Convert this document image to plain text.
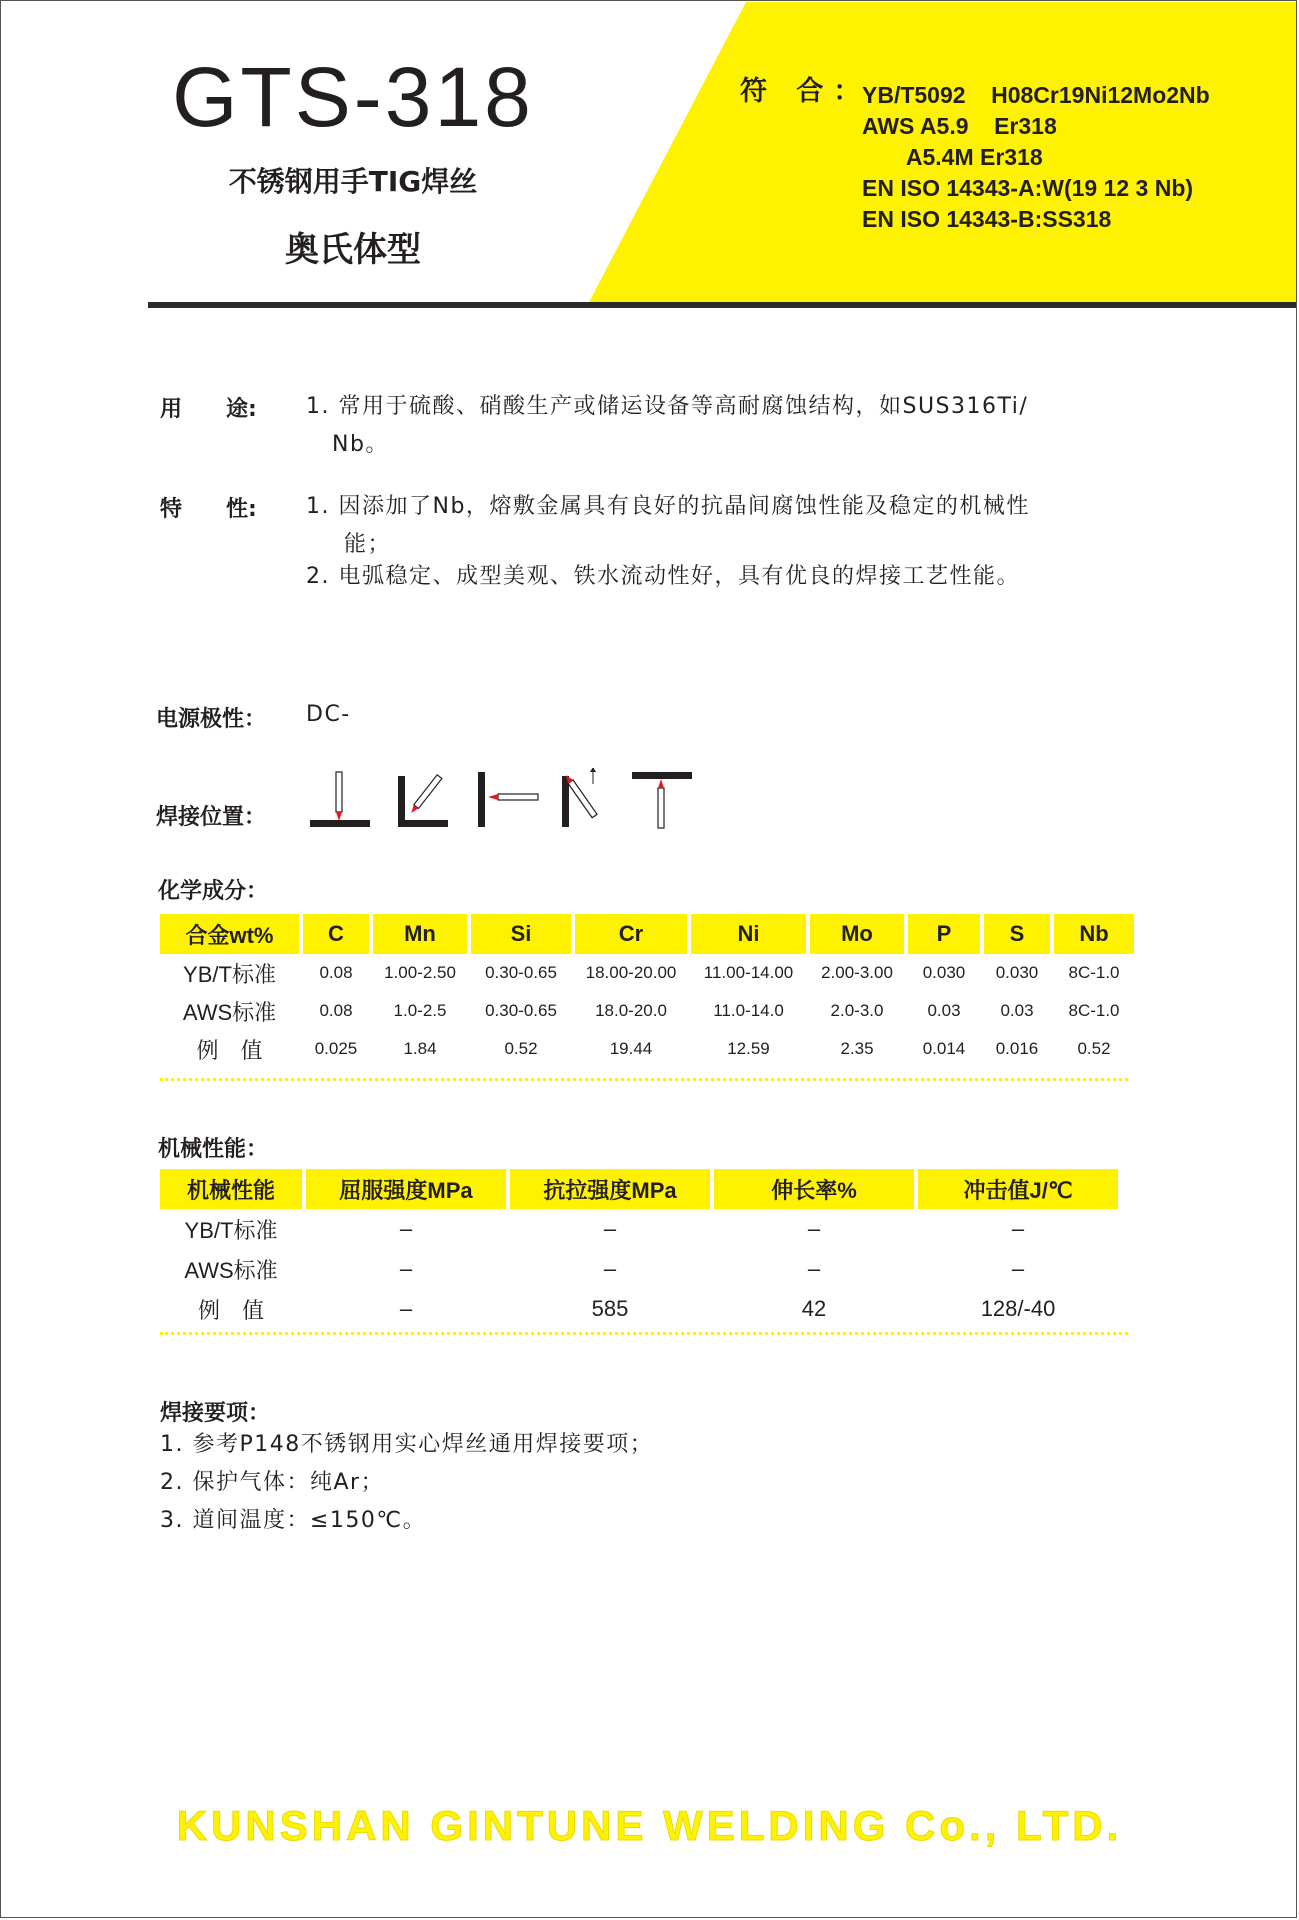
GTS-318
不锈钢用手TIG焊丝
奥氏体型
符 合：
YB/T5092    H08Cr19Ni12Mo2Nb
AWS A5.9    Er318
A5.4M Er318
EN ISO 14343-A:W(19 12 3 Nb)
EN ISO 14343-B:SS318
用　　途: 1. 常用于硫酸、硝酸生产或储运设备等高耐腐蚀结构，如SUS316Ti/
Nb。
特　　性: 1. 因添加了Nb，熔敷金属具有良好的抗晶间腐蚀性能及稳定的机械性
能；
2. 电弧稳定、成型美观、铁水流动性好，具有优良的焊接工艺性能。
电源极性： DC-
焊接位置：
化学成分：
合金wt%	C	Mn	Si	Cr	Ni	Mo	P	S	Nb
YB/T标准	0.08	1.00-2.50	0.30-0.65	18.00-20.00	11.00-14.00	2.00-3.00	0.030	0.030	8C-1.0
AWS标准	0.08	1.0-2.5	0.30-0.65	18.0-20.0	11.0-14.0	2.0-3.0	0.03	0.03	8C-1.0
例　值	0.025	1.84	0.52	19.44	12.59	2.35	0.014	0.016	0.52
机械性能：
机械性能	屈服强度MPa	抗拉强度MPa	伸长率%	冲击值J/℃
YB/T标准	–	–	–	–
AWS标准	–	–	–	–
例　值	–	585	42	128/-40
焊接要项：
1. 参考P148不锈钢用实心焊丝通用焊接要项；
2. 保护气体：纯Ar；
3. 道间温度：≤150℃。
KUNSHAN GINTUNE WELDING Co., LTD.
